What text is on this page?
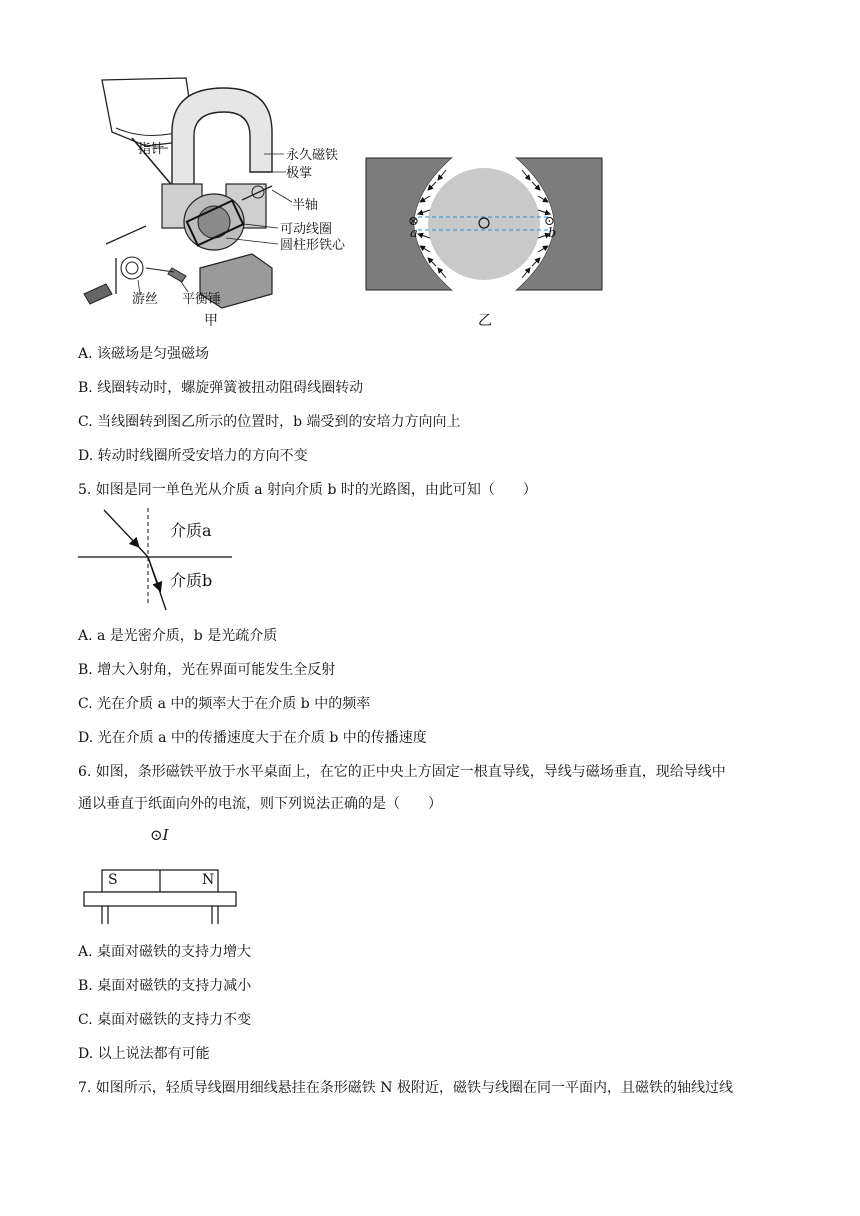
指针	永久磁铁
极掌
半轴
可动线圈
圆柱形铁心
游丝 平衡锤
甲
⊗	⊙
a	b
乙
A. 该磁场是匀强磁场
B. 线圈转动时，螺旋弹簧被扭动阻碍线圈转动
C. 当线圈转到图乙所示的位置时，b 端受到的安培力方向向上
D. 转动时线圈所受安培力的方向不变
5. 如图是同一单色光从介质 a 射向介质 b 时的光路图，由此可知（　　）
介质a
介质b
A. a 是光密介质，b 是光疏介质
B. 增大入射角，光在界面可能发生全反射
C. 光在介质 a 中的频率大于在介质 b 中的频率
D. 光在介质 a 中的传播速度大于在介质 b 中的传播速度
6. 如图，条形磁铁平放于水平桌面上，在它的正中央上方固定一根直导线，导线与磁场垂直，现给导线中
通以垂直于纸面向外的电流，则下列说法正确的是（　　）
⊙I
S	N
A. 桌面对磁铁的支持力增大
B. 桌面对磁铁的支持力减小
C. 桌面对磁铁的支持力不变
D. 以上说法都有可能
7. 如图所示，轻质导线圈用细线悬挂在条形磁铁 N 极附近，磁铁与线圈在同一平面内，且磁铁的轴线过线
